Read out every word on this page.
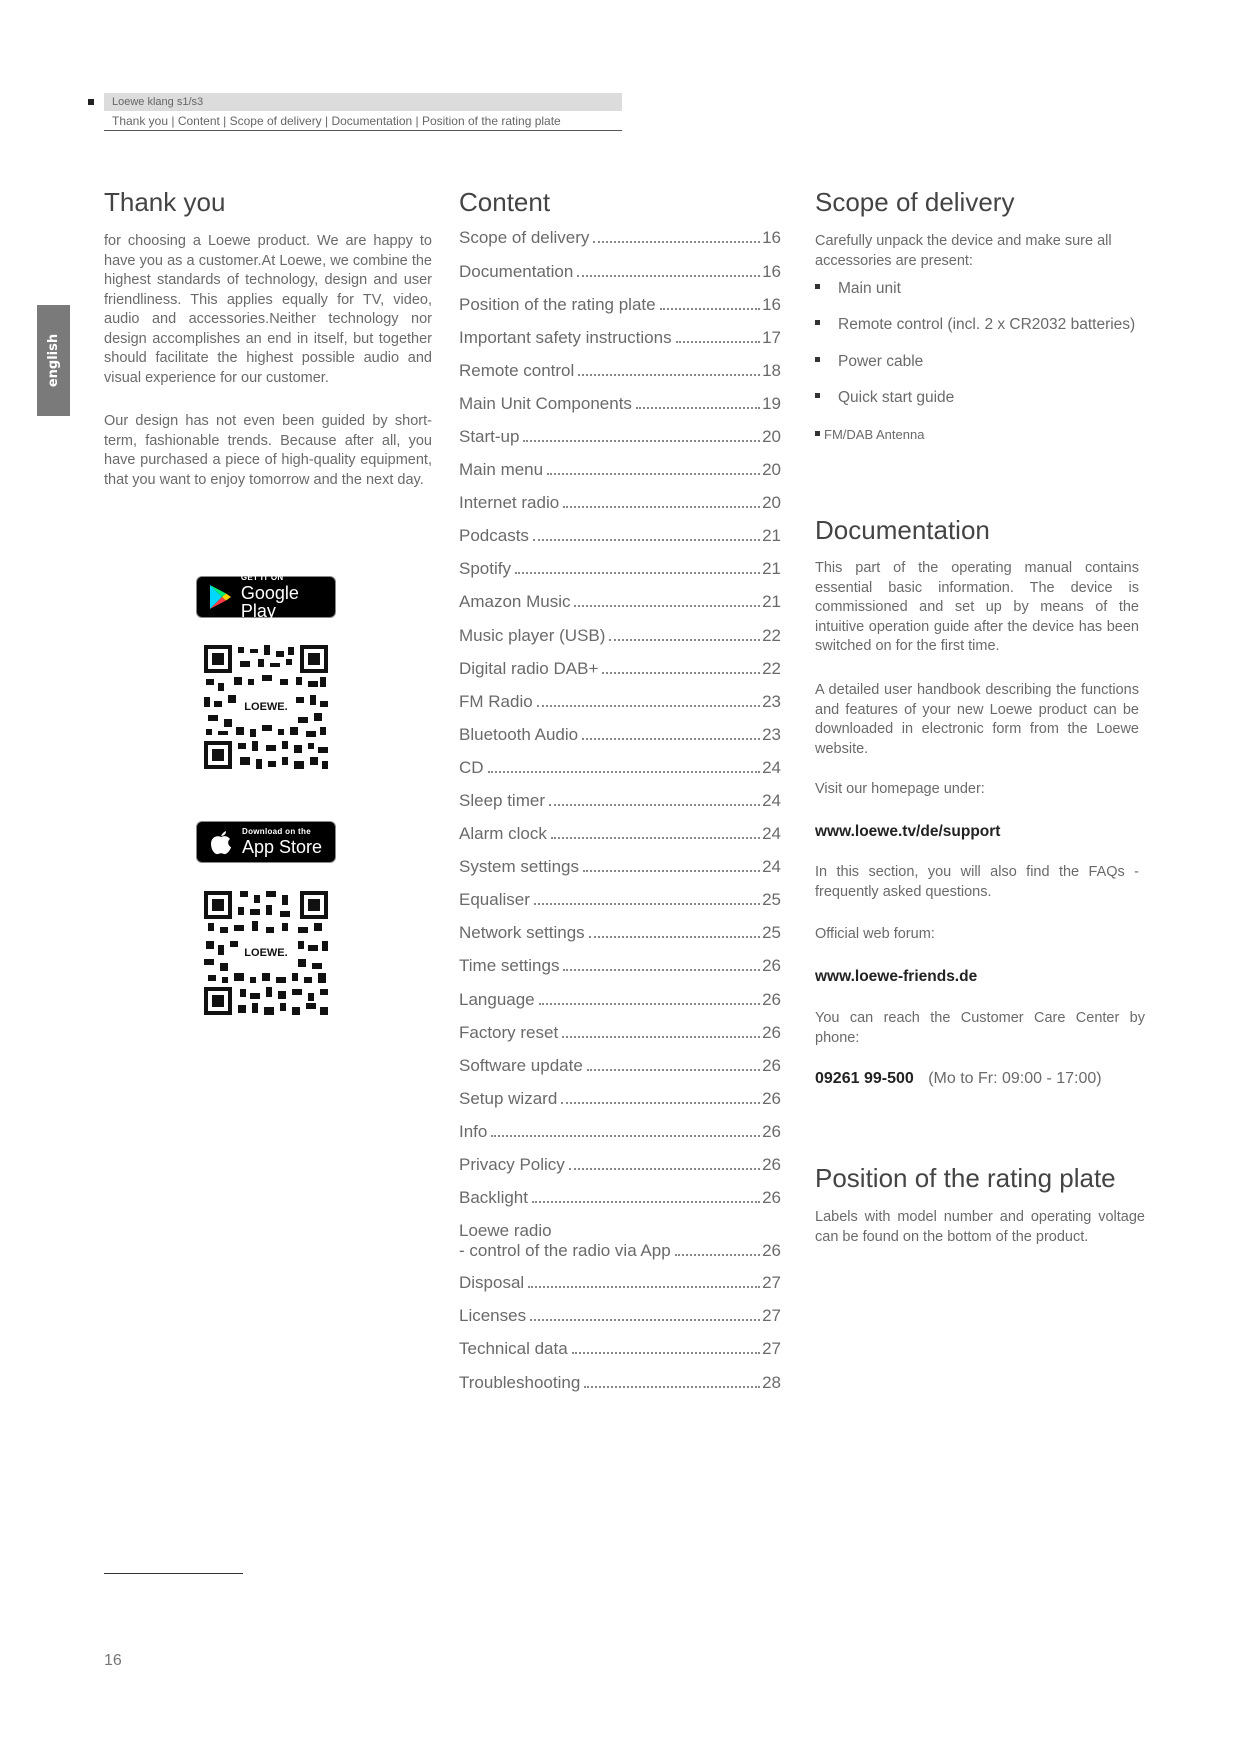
Loewe klang s1/s3
Thank you | Content | Scope of delivery | Documentation | Position of the rating plate
english
Thank you

for choosing a Loewe product. We are happy to have you as a customer.At Loewe, we combine the highest standards of technology, design and user friendliness. This applies equally for TV, video, audio and accessories.Neither technology nor design accomplishes an end in itself, but together should facilitate the highest possible audio and visual experience for our customer.

Our design has not even been guided by short-term, fashionable trends. Because after all, you have purchased a piece of high-quality equipment, that you want to enjoy tomorrow and the next day.

GET IT ON
Google Play
LOEWE.
Download on the
App Store
LOEWE.
Content
Scope of delivery	16
Documentation	16
Position of the rating plate	16
Important safety instructions	17
Remote control	18
Main Unit Components	19
Start-up	20
Main menu	20
Internet radio	20
Podcasts	21
Spotify	21
Amazon Music	21
Music player (USB)	22
Digital radio DAB+	22
FM Radio	23
Bluetooth Audio	23
CD	24
Sleep timer	24
Alarm clock	24
System settings	24
Equaliser	25
Network settings	25
Time settings	26
Language	26
Factory reset	26
Software update	26
Setup wizard	26
Info	26
Privacy Policy	26
Backlight	26
Loewe radio
- control of the radio via App	26
Disposal	27
Licenses	27
Technical data	27
Troubleshooting	28
Scope of delivery

Carefully unpack the device and make sure all accessories are present:

Main unit
Remote control (incl. 2 x CR2032 batteries)
Power cable
Quick start guide
FM/DAB Antenna
Documentation

This part of the operating manual contains essential basic information. The device is commissioned and set up by means of the intuitive operation guide after the device has been switched on for the first time.

A detailed user handbook describing the functions and features of your new Loewe product can be downloaded in electronic form from the Loewe website.

Visit our homepage under:

www.loewe.tv/de/support

In this section, you will also find the FAQs - frequently asked questions.

Official web forum:

www.loewe-friends.de

You can reach the Customer Care Center by phone:

09261 99-500 (Mo to Fr: 09:00 - 17:00)
Position of the rating plate

Labels with model number and operating voltage can be found on the bottom of the product.

16
